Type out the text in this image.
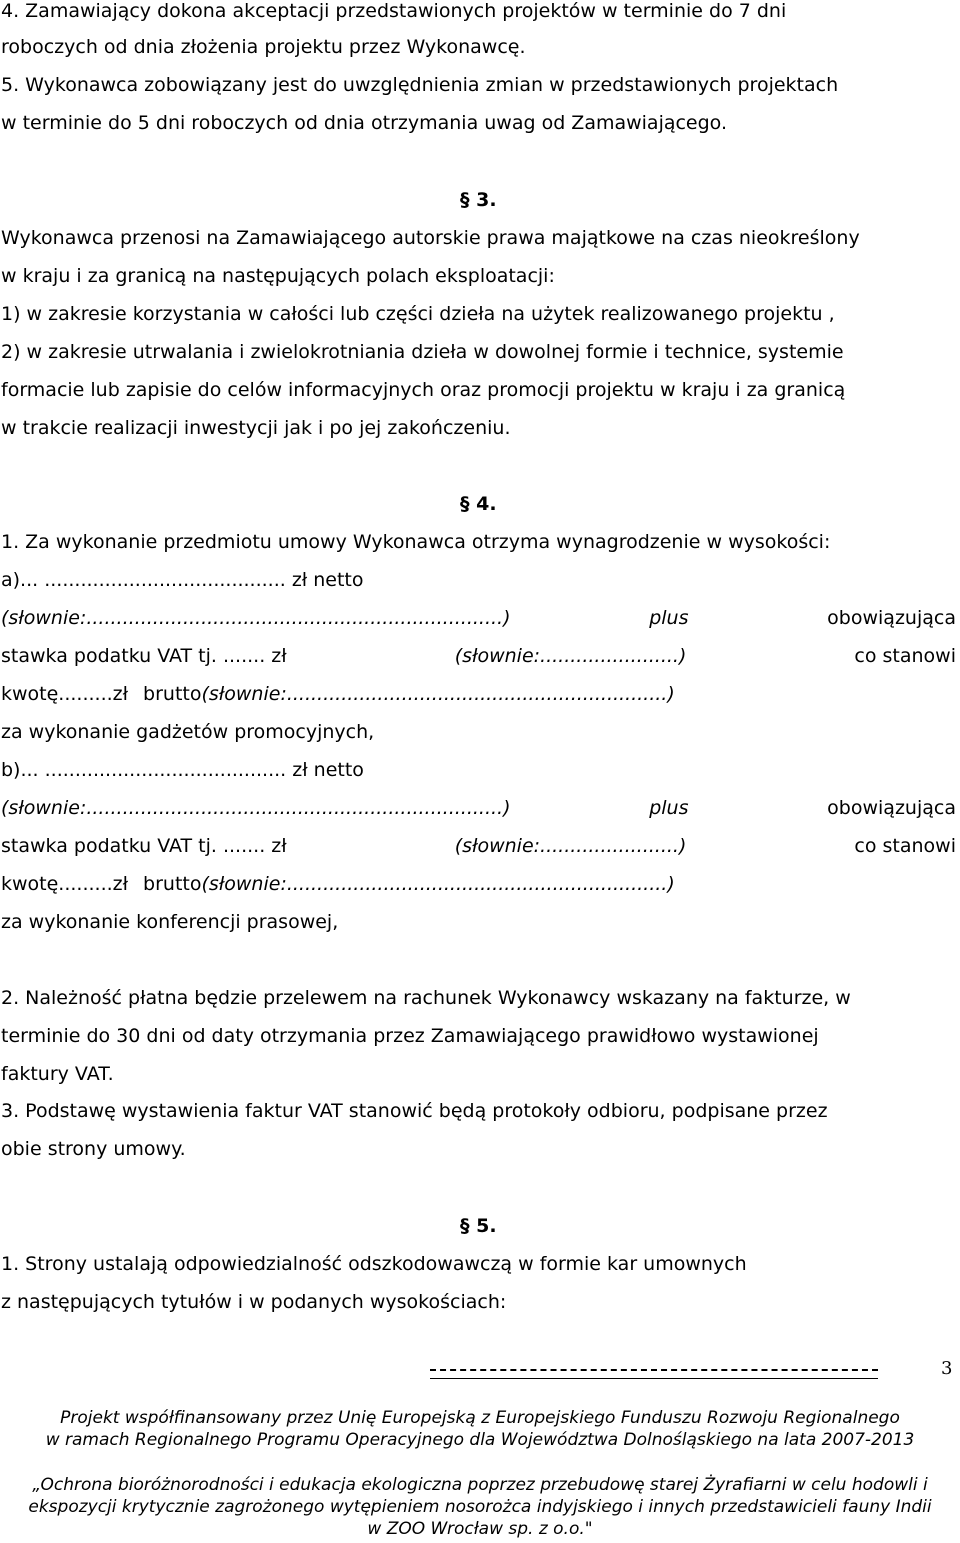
4. Zamawiający dokona akceptacji przedstawionych projektów w terminie do 7 dni
roboczych od dnia złożenia projektu przez Wykonawcę.
5. Wykonawca zobowiązany jest do uwzględnienia zmian w przedstawionych projektach
w terminie do 5 dni roboczych od dnia otrzymania uwag od Zamawiającego.
§ 3.
Wykonawca przenosi na Zamawiającego autorskie prawa majątkowe na czas nieokreślony
w kraju i za granicą na następujących polach eksploatacji:
1) w zakresie korzystania w całości lub części dzieła na użytek realizowanego projektu ,
2) w zakresie utrwalania i zwielokrotniania dzieła w dowolnej formie i technice, systemie
formacie lub zapisie do celów informacyjnych oraz promocji projektu w kraju i za granicą
w trakcie realizacji inwestycji jak i po jej zakończeniu.
§ 4.
1. Za wykonanie przedmiotu umowy Wykonawca otrzyma wynagrodzenie w wysokości:
a)... ........................................ zł netto
(słownie:.....................................................................)	plus	obowiązująca
stawka podatku VAT tj. ....... zł	(słownie:.......................)	co stanowi
kwotę.........zł brutto(słownie:...............................................................)
za wykonanie gadżetów promocyjnych,
b)... ........................................ zł netto
(słownie:.....................................................................)	plus	obowiązująca
stawka podatku VAT tj. ....... zł	(słownie:.......................)	co stanowi
kwotę.........zł brutto(słownie:...............................................................)
za wykonanie konferencji prasowej,
2. Należność płatna będzie przelewem na rachunek Wykonawcy wskazany na fakturze, w
terminie do 30 dni od daty otrzymania przez Zamawiającego prawidłowo wystawionej
faktury VAT.
3. Podstawę wystawienia faktur VAT stanowić będą protokoły odbioru, podpisane przez
obie strony umowy.
§ 5.
1. Strony ustalają odpowiedzialność odszkodowawczą w formie kar umownych
z następujących tytułów i w podanych wysokościach:
3
Projekt współfinansowany przez Unię Europejską z Europejskiego Funduszu Rozwoju Regionalnego
w ramach Regionalnego Programu Operacyjnego dla Województwa Dolnośląskiego na lata 2007-2013
„Ochrona bioróżnorodności i edukacja ekologiczna poprzez przebudowę starej Żyrafiarni w celu hodowli i
ekspozycji krytycznie zagrożonego wytępieniem nosorożca indyjskiego i innych przedstawicieli fauny Indii
w ZOO Wrocław sp. z o.o."
